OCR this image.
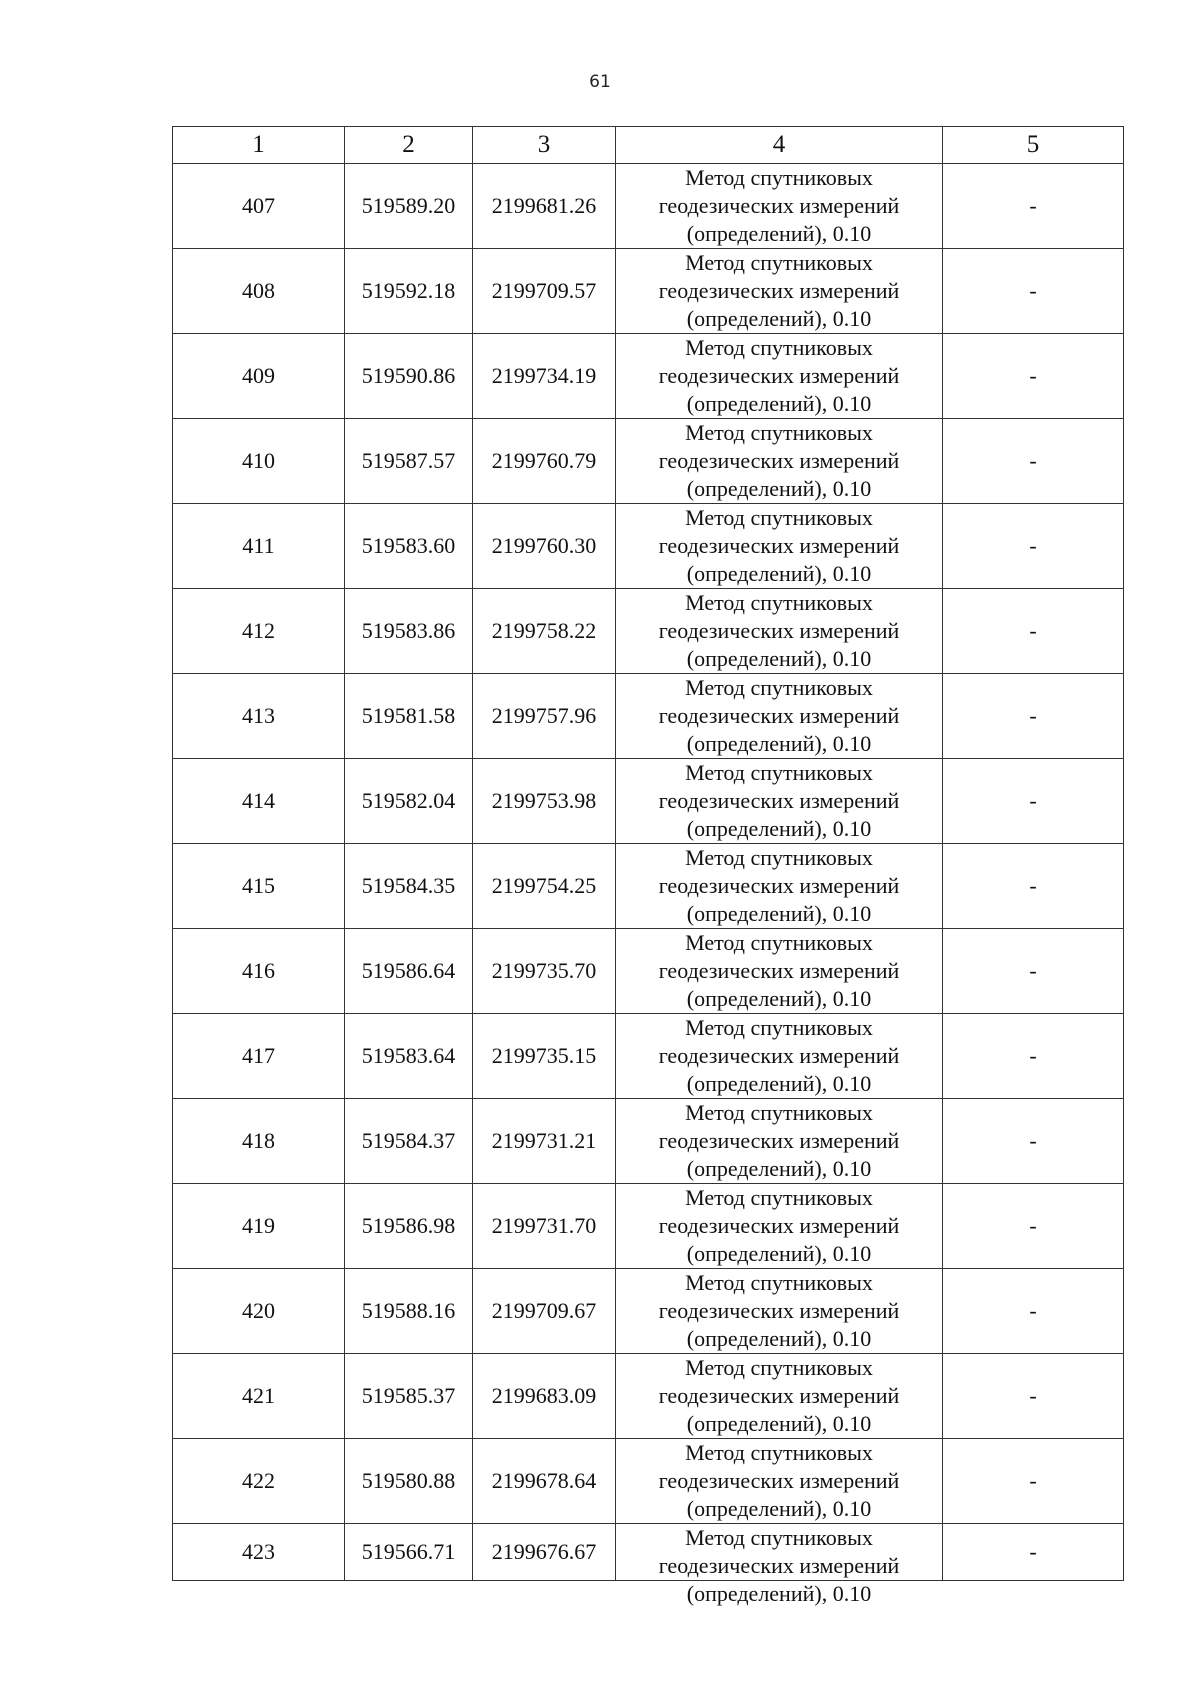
61
1	2	3	4	5
407	519589.20	2199681.26	Метод спутниковых
геодезических измерений
(определений), 0.10	-
408	519592.18	2199709.57	Метод спутниковых
геодезических измерений
(определений), 0.10	-
409	519590.86	2199734.19	Метод спутниковых
геодезических измерений
(определений), 0.10	-
410	519587.57	2199760.79	Метод спутниковых
геодезических измерений
(определений), 0.10	-
411	519583.60	2199760.30	Метод спутниковых
геодезических измерений
(определений), 0.10	-
412	519583.86	2199758.22	Метод спутниковых
геодезических измерений
(определений), 0.10	-
413	519581.58	2199757.96	Метод спутниковых
геодезических измерений
(определений), 0.10	-
414	519582.04	2199753.98	Метод спутниковых
геодезических измерений
(определений), 0.10	-
415	519584.35	2199754.25	Метод спутниковых
геодезических измерений
(определений), 0.10	-
416	519586.64	2199735.70	Метод спутниковых
геодезических измерений
(определений), 0.10	-
417	519583.64	2199735.15	Метод спутниковых
геодезических измерений
(определений), 0.10	-
418	519584.37	2199731.21	Метод спутниковых
геодезических измерений
(определений), 0.10	-
419	519586.98	2199731.70	Метод спутниковых
геодезических измерений
(определений), 0.10	-
420	519588.16	2199709.67	Метод спутниковых
геодезических измерений
(определений), 0.10	-
421	519585.37	2199683.09	Метод спутниковых
геодезических измерений
(определений), 0.10	-
422	519580.88	2199678.64	Метод спутниковых
геодезических измерений
(определений), 0.10	-
423	519566.71	2199676.67	Метод спутниковых
геодезических измерений
(определений), 0.10	-
